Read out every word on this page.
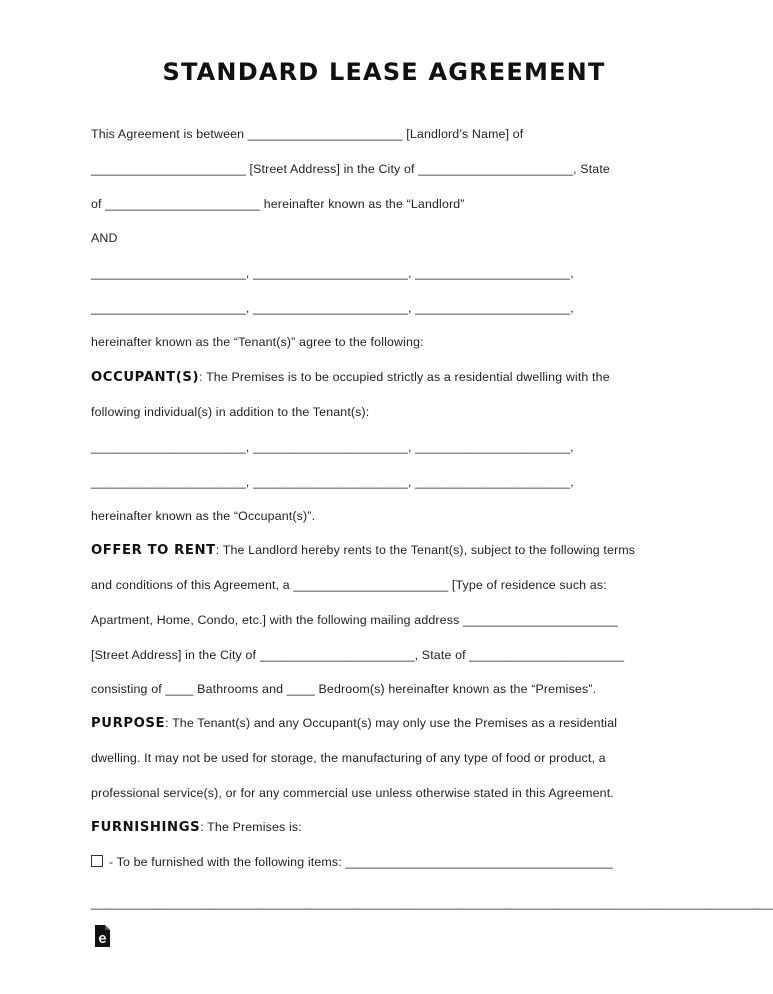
STANDARD LEASE AGREEMENT
This Agreement is between ______________________ [Landlord’s Name] of
______________________ [Street Address] in the City of ______________________, State
of ______________________ hereinafter known as the “Landlord”
AND
______________________, ______________________, ______________________,
______________________, ______________________, ______________________,
hereinafter known as the “Tenant(s)” agree to the following:
OCCUPANT(S): The Premises is to be occupied strictly as a residential dwelling with the
following individual(s) in addition to the Tenant(s):
______________________, ______________________, ______________________,
______________________, ______________________, ______________________,
hereinafter known as the “Occupant(s)”.
OFFER TO RENT: The Landlord hereby rents to the Tenant(s), subject to the following terms
and conditions of this Agreement, a ______________________ [Type of residence such as:
Apartment, Home, Condo, etc.] with the following mailing address ______________________
[Street Address] in the City of ______________________, State of ______________________
consisting of ____ Bathrooms and ____ Bedroom(s) hereinafter known as the “Premises”.
PURPOSE: The Tenant(s) and any Occupant(s) may only use the Premises as a residential
dwelling. It may not be used for storage, the manufacturing of any type of food or product, a
professional service(s), or for any commercial use unless otherwise stated in this Agreement.
FURNISHINGS: The Premises is:
- To be furnished with the following items: ______________________________________
___________________________________________________________________________________________________
